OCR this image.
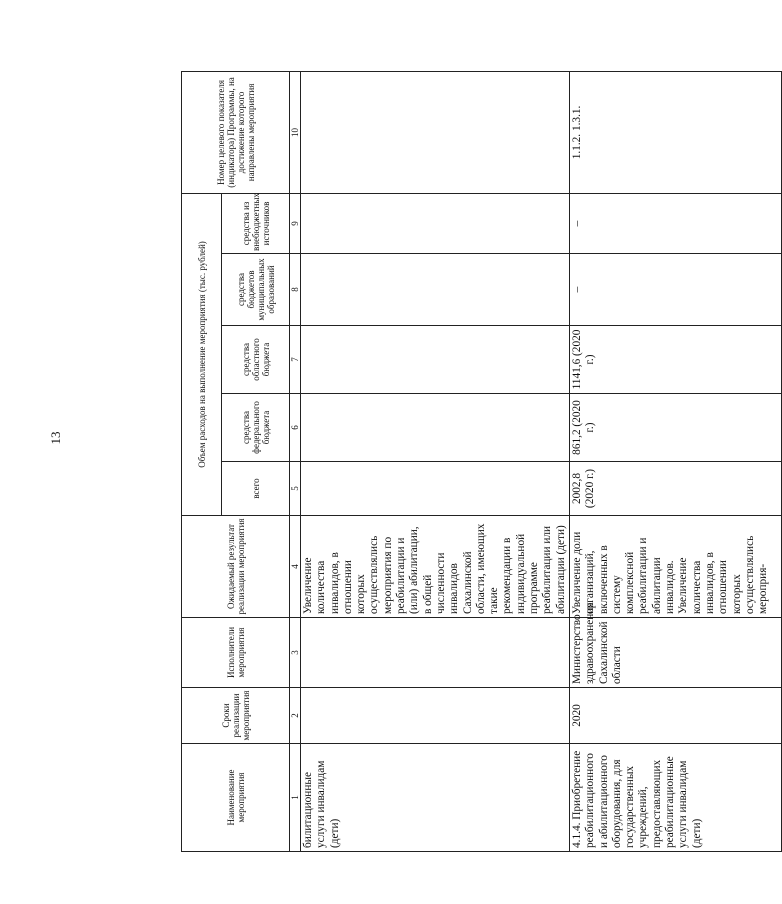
13
Наименование мероприятия	Сроки реализации мероприятия	Исполнители мероприятия	Ожидаемый результат реализации мероприятия	Объем расходов на выполнение мероприятия (тыс. рублей)					Номер целевого показателя (индикатора) Программы, на достижение которого направлены мероприятия
				всего	средства федерального бюджета	средства областного бюджета	средства бюджетов муниципальных образований	средства из внебюджетных источников	
1	2	3	4	5	6	7	8	9	10
билитационные услуги инвалидам (дети)			Увеличение количества инвалидов, в отношении которых осуществлялись мероприятия по реабилитации и (или) абилитации, в общей численности инвалидов Сахалинской области, имеющих такие рекомендации в индивидуальной программе реабилитации или абилитации (дети)						
4.1.4. Приобретение реабилитационного и абилитационного оборудования, для государственных учреждений, предоставляющих реабилитационные услуги инвалидам (дети)	2020	Министерство здравоохранения Сахалинской области	Увеличение доли организаций, включенных в систему комплексной реабилитации и абилитации инвалидов. Увеличение количества инвалидов, в отношении которых осуществлялись мероприя-	2002,8 (2020 г.)	861,2 (2020 г.)	1141,6 (2020 г.)	–	–	1.1.2. 1.3.1.
